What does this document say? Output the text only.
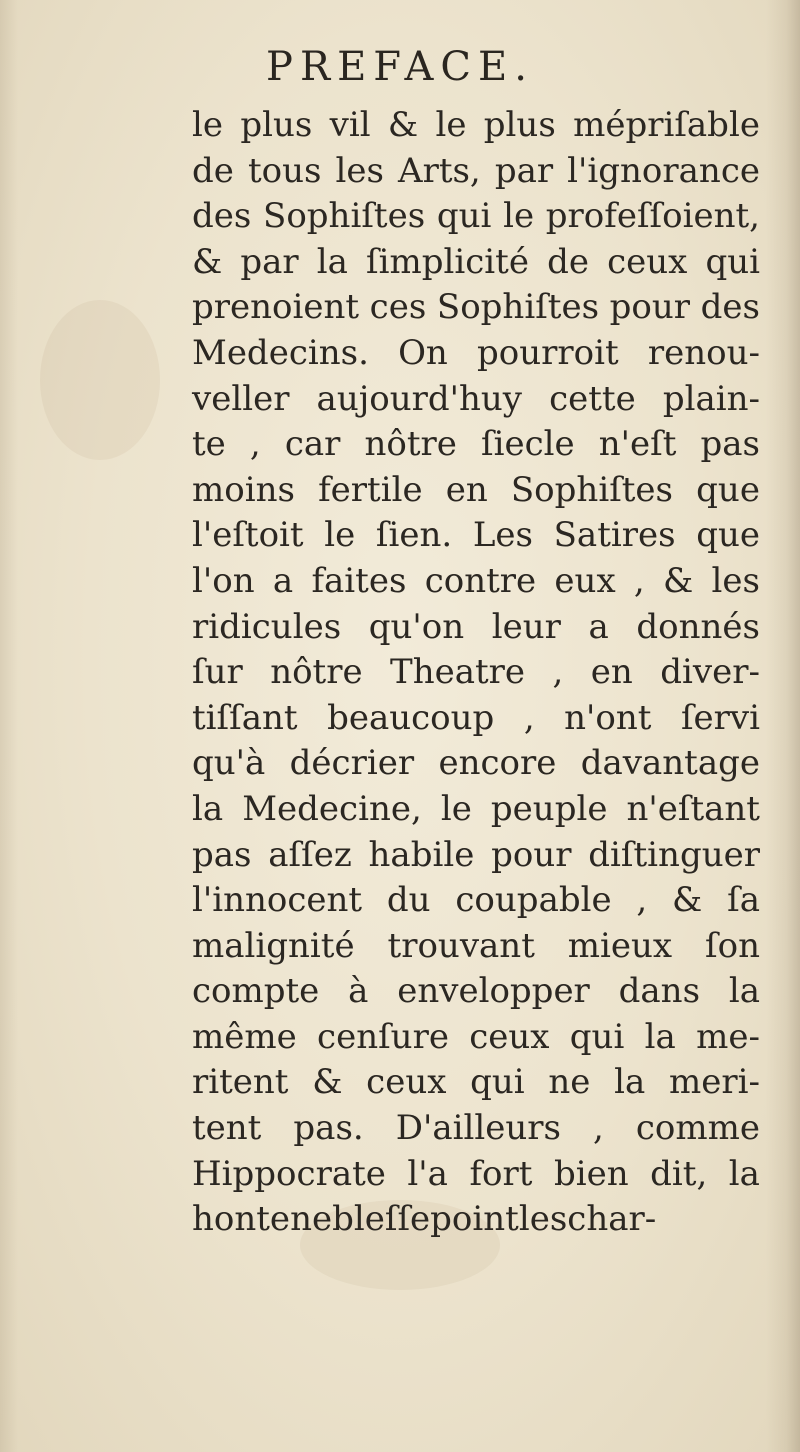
PREFACE.
le plus vil & le plus mépriſable
de tous les Arts, par l'ignorance
des Sophiſtes qui le profeſſoient,
& par la ſimplicité de ceux qui
prenoient ces Sophiſtes pour des
Medecins. On pourroit renou-
veller aujourd'huy cette plain-
te , car nôtre ſiecle n'eſt pas
moins fertile en Sophiſtes que
l'eſtoit le ſien. Les Satires que
l'on a faites contre eux , & les
ridicules qu'on leur a donnés
ſur nôtre Theatre , en diver-
tiſſant beaucoup , n'ont ſervi
qu'à décrier encore davantage
la Medecine, le peuple n'eſtant
pas aſſez habile pour diſtinguer
l'innocent du coupable , & ſa
malignité trouvant mieux ſon
compte à envelopper dans la
même cenſure ceux qui la me-
ritent & ceux qui ne la meri-
tent pas. D'ailleurs , comme
Hippocrate l'a fort bien dit, la
honte ne bleſſe point les char-
